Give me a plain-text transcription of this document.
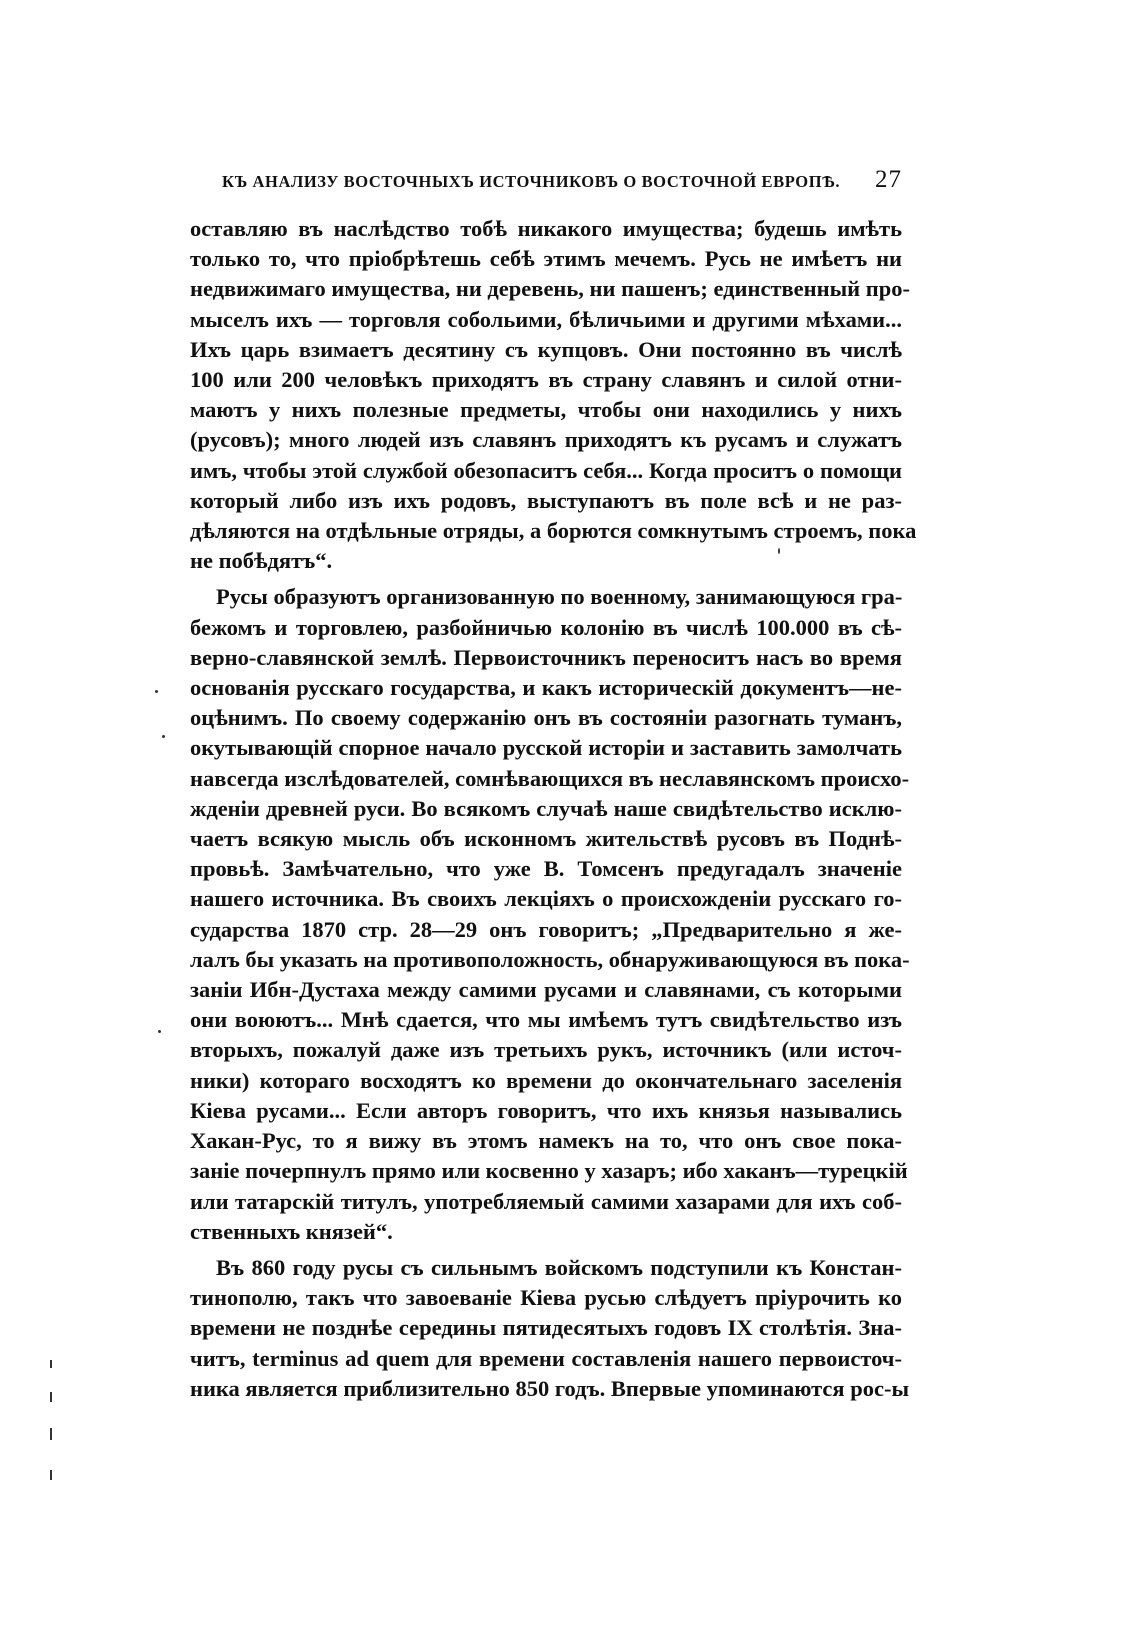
КЪ АНАЛИЗУ ВОСТОЧНЫХЪ ИСТОЧНИКОВЪ О ВОСТОЧНОЙ ЕВРОПѢ. 27
оставляю въ наслѣдство тобѣ никакого имущества; будешь имѣть
только то, что пріобрѣтешь себѣ этимъ мечемъ. Русь не имѣетъ ни
недвижимаго имущества, ни деревень, ни пашенъ; единственный про-
мыселъ ихъ — торговля собольими, бѣличьими и другими мѣхами...
Ихъ царь взимаетъ десятину съ купцовъ. Они постоянно въ числѣ
100 или 200 человѣкъ приходятъ въ страну славянъ и силой отни-
маютъ у нихъ полезные предметы, чтобы они находились у нихъ
(русовъ); много людей изъ славянъ приходятъ къ русамъ и служатъ
имъ, чтобы этой службой обезопаситъ себя... Когда проситъ о помощи
который либо изъ ихъ родовъ, выступаютъ въ поле всѣ и не раз-
дѣляются на отдѣльные отряды, а борются сомкнутымъ строемъ, пока
не побѣдятъ“.
Русы образуютъ организованную по военному, занимающуюся гра-
бежомъ и торговлею, разбойничью колонію въ числѣ 100.000 въ сѣ-
верно-славянской землѣ. Первоисточникъ переноситъ насъ во время
основанія русскаго государства, и какъ историческій документъ—не-
оцѣнимъ. По своему содержанію онъ въ состояніи разогнать туманъ,
окутывающій спорное начало русской исторіи и заставить замолчать
навсегда изслѣдователей, сомнѣвающихся въ неславянскомъ происхо-
жденіи древней руси. Во всякомъ случаѣ наше свидѣтельство исклю-
чаетъ всякую мысль объ исконномъ жительствѣ русовъ въ Поднѣ-
провьѣ. Замѣчательно, что уже В. Томсенъ предугадалъ значеніе
нашего источника. Въ своихъ лекціяхъ о происхожденіи русскаго го-
сударства 1870 стр. 28—29 онъ говоритъ; „Предварительно я же-
лалъ бы указать на противоположность, обнаруживающуюся въ пока-
заніи Ибн-Дустаха между самими русами и славянами, съ которыми
они воюютъ... Мнѣ сдается, что мы имѣемъ тутъ свидѣтельство изъ
вторыхъ, пожалуй даже изъ третьихъ рукъ, источникъ (или источ-
ники) котораго восходятъ ко времени до окончательнаго заселенія
Кіева русами... Если авторъ говоритъ, что ихъ князья назывались
Хакан-Рус, то я вижу въ этомъ намекъ на то, что онъ свое пока-
заніе почерпнулъ прямо или косвенно у хазаръ; ибо хаканъ—турецкій
или татарскій титулъ, употребляемый самими хазарами для ихъ соб-
ственныхъ князей“.
Въ 860 году русы съ сильнымъ войскомъ подступили къ Констан-
тинополю, такъ что завоеваніе Кіева русью слѣдуетъ пріурочить ко
времени не позднѣе середины пятидесятыхъ годовъ IX столѣтія. Зна-
читъ, terminus ad quem для времени составленія нашего первоисточ-
ника является приблизительно 850 годъ. Впервые упоминаются рос-ы
